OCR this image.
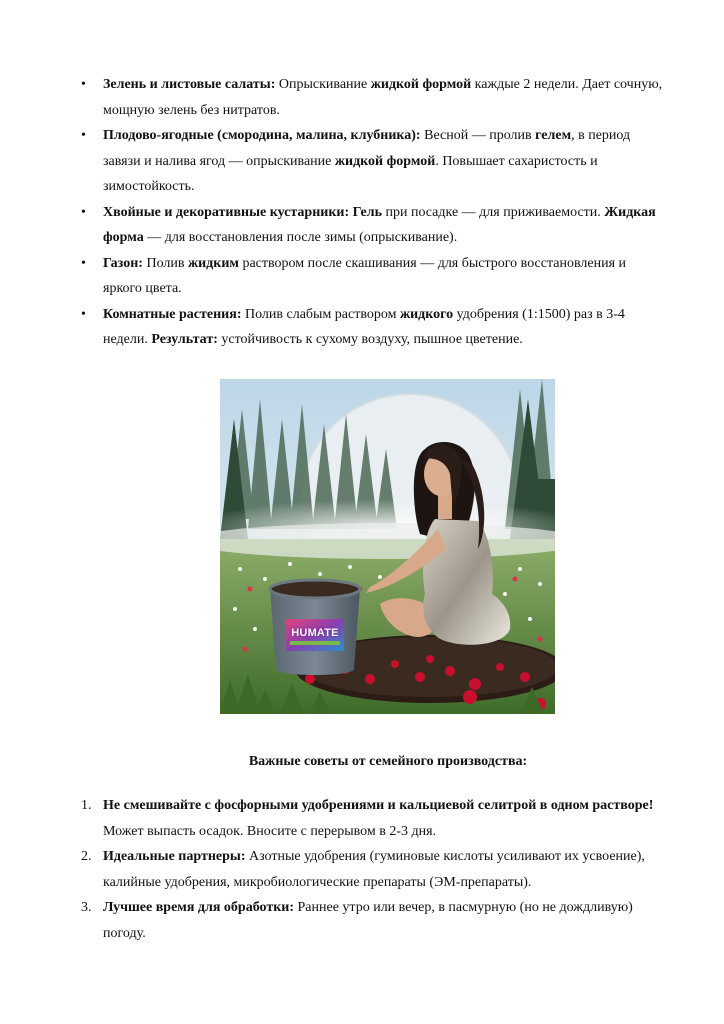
• Зелень и листовые салаты: Опрыскивание жидкой формой каждые 2 недели. Дает сочную, мощную зелень без нитратов.
• Плодово-ягодные (смородина, малина, клубника): Весной — пролив гелем, в период завязи и налива ягод — опрыскивание жидкой формой. Повышает сахаристость и зимостойкость.
• Хвойные и декоративные кустарники: Гель при посадке — для приживаемости. Жидкая форма — для восстановления после зимы (опрыскивание).
• Газон: Полив жидким раствором после скашивания — для быстрого восстановления и яркого цвета.
• Комнатные растения: Полив слабым раствором жидкого удобрения (1:1500) раз в 3-4 недели. Результат: устойчивость к сухому воздуху, пышное цветение.
HUMATE
Важные советы от семейного производства:
1. Не смешивайте с фосфорными удобрениями и кальциевой селитрой в одном растворе! Может выпасть осадок. Вносите с перерывом в 2-3 дня.
2. Идеальные партнеры: Азотные удобрения (гуминовые кислоты усиливают их усвоение), калийные удобрения, микробиологические препараты (ЭМ-препараты).
3. Лучшее время для обработки: Раннее утро или вечер, в пасмурную (но не дождливую) погоду.
